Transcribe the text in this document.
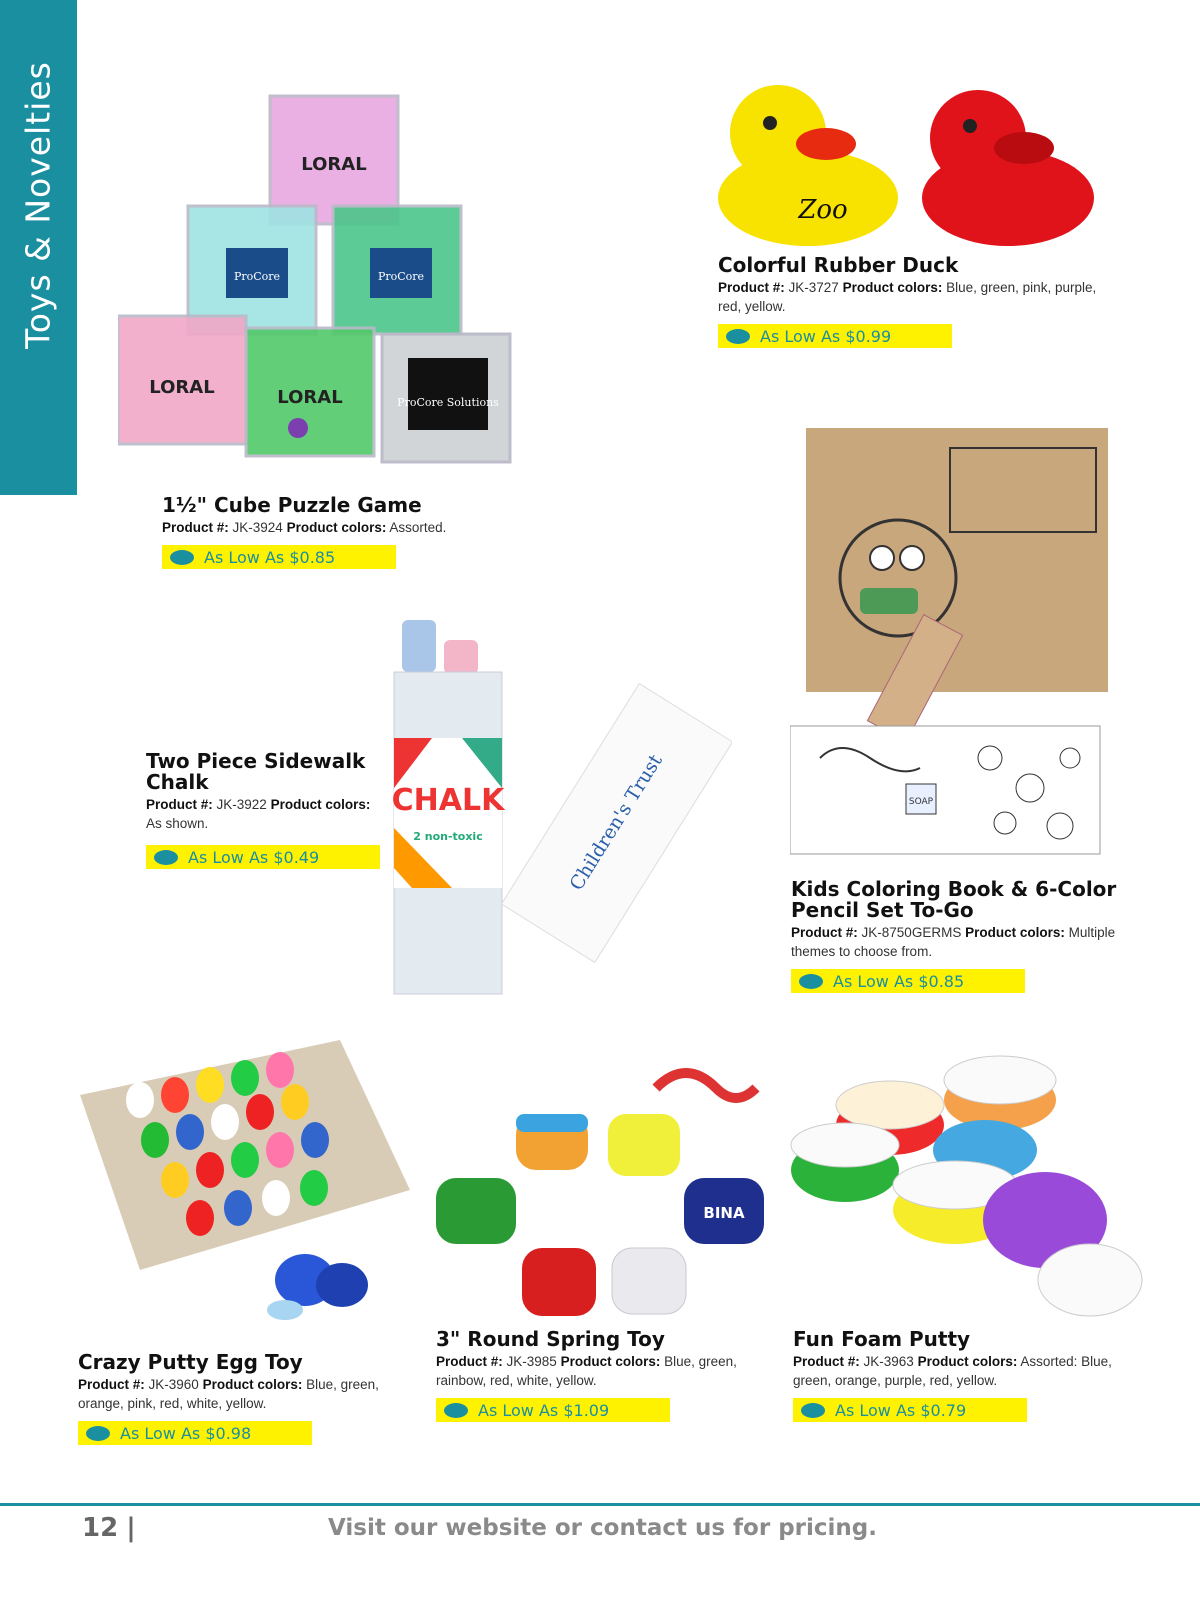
Toys & Novelties	LORAL
ProCore	ProCore
LORAL	LORAL	ProCore Solutions
Zoo
CHALK
2 non-toxic	Children's Trust	SOAP
BINA
1½" Cube Puzzle Game
Product #: JK-3924 Product colors: Assorted.
As Low As $0.85
Colorful Rubber Duck
Product #: JK-3727 Product colors: Blue, green, pink, purple, red, yellow.
As Low As $0.99
Two Piece Sidewalk Chalk
Product #: JK-3922 Product colors: As shown.
As Low As $0.49
Kids Coloring Book & 6-Color Pencil Set To-Go
Product #: JK-8750GERMS Product colors: Multiple themes to choose from.
As Low As $0.85
Crazy Putty Egg Toy
Product #: JK-3960 Product colors: Blue, green, orange, pink, red, white, yellow.
As Low As $0.98
3" Round Spring Toy
Product #: JK-3985 Product colors: Blue, green, rainbow, red, white, yellow.
As Low As $1.09
Fun Foam Putty
Product #: JK-3963 Product colors: Assorted: Blue, green, orange, purple, red, yellow.
As Low As $0.79
12 |	Visit our website or contact us for pricing.
